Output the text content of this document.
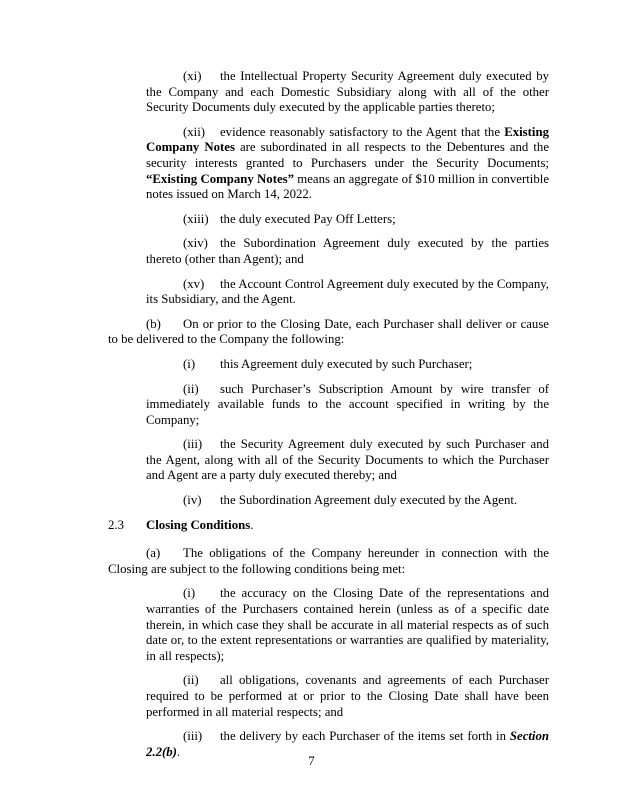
(xi) the Intellectual Property Security Agreement duly executed by the Company and each Domestic Subsidiary along with all of the other Security Documents duly executed by the applicable parties thereto;

(xii) evidence reasonably satisfactory to the Agent that the Existing Company Notes are subordinated in all respects to the Debentures and the security interests granted to Purchasers under the Security Documents; “Existing Company Notes” means an aggregate of $10 million in convertible notes issued on March 14, 2022.

(xiii) the duly executed Pay Off Letters;

(xiv) the Subordination Agreement duly executed by the parties thereto (other than Agent); and

(xv) the Account Control Agreement duly executed by the Company, its Subsidiary, and the Agent.

(b) On or prior to the Closing Date, each Purchaser shall deliver or cause to be delivered to the Company the following:

(i) this Agreement duly executed by such Purchaser;

(ii) such Purchaser’s Subscription Amount by wire transfer of immediately available funds to the account specified in writing by the Company;

(iii) the Security Agreement duly executed by such Purchaser and the Agent, along with all of the Security Documents to which the Purchaser and Agent are a party duly executed thereby; and

(iv) the Subordination Agreement duly executed by the Agent.

2.3 Closing Conditions.

(a) The obligations of the Company hereunder in connection with the Closing are subject to the following conditions being met:

(i) the accuracy on the Closing Date of the representations and warranties of the Purchasers contained herein (unless as of a specific date therein, in which case they shall be accurate in all material respects as of such date or, to the extent representations or warranties are qualified by materiality, in all respects);

(ii) all obligations, covenants and agreements of each Purchaser required to be performed at or prior to the Closing Date shall have been performed in all material respects; and

(iii) the delivery by each Purchaser of the items set forth in Section 2.2(b).

7
